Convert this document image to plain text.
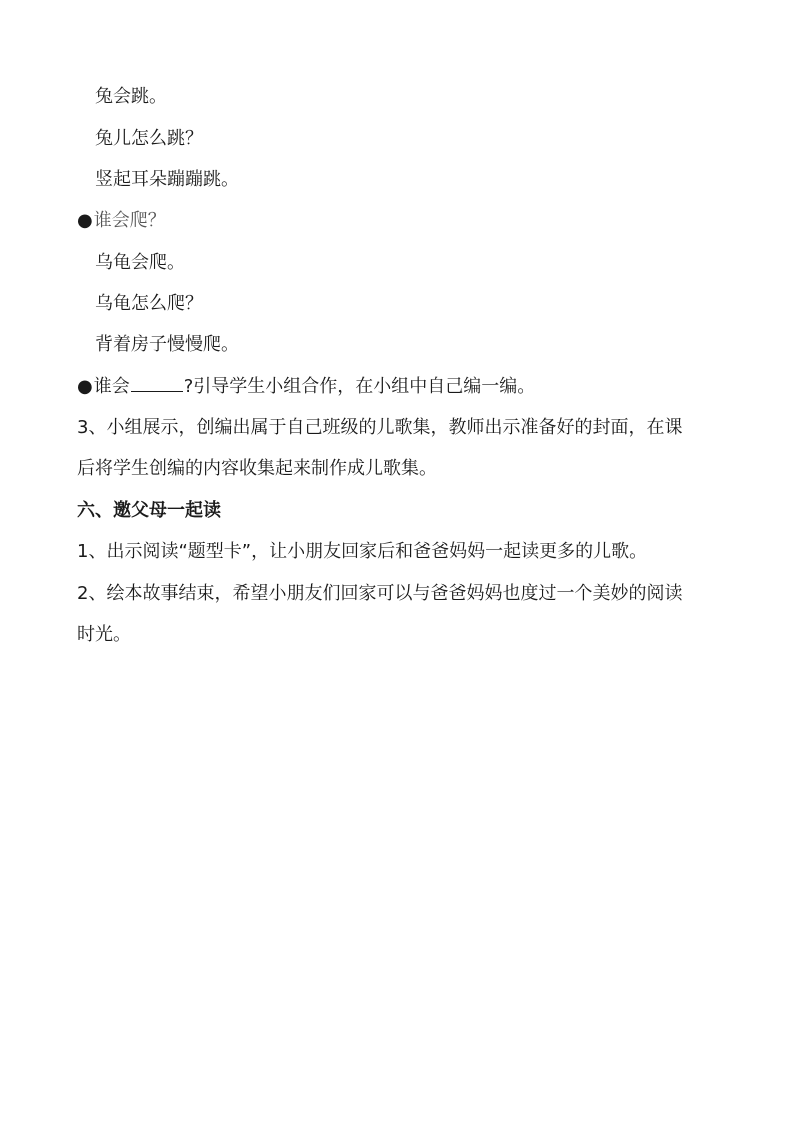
兔会跳。
兔儿怎么跳？
竖起耳朵蹦蹦跳。
●谁会爬？
乌龟会爬。
乌龟怎么爬？
背着房子慢慢爬。
●谁会	?引导学生小组合作，在小组中自己编一编。
3、小组展示，创编出属于自己班级的儿歌集，教师出示准备好的封面，在课
后将学生创编的内容收集起来制作成儿歌集。
六、邀父母一起读
1、出示阅读“题型卡”，让小朋友回家后和爸爸妈妈一起读更多的儿歌。
2、绘本故事结束，希望小朋友们回家可以与爸爸妈妈也度过一个美妙的阅读
时光。
